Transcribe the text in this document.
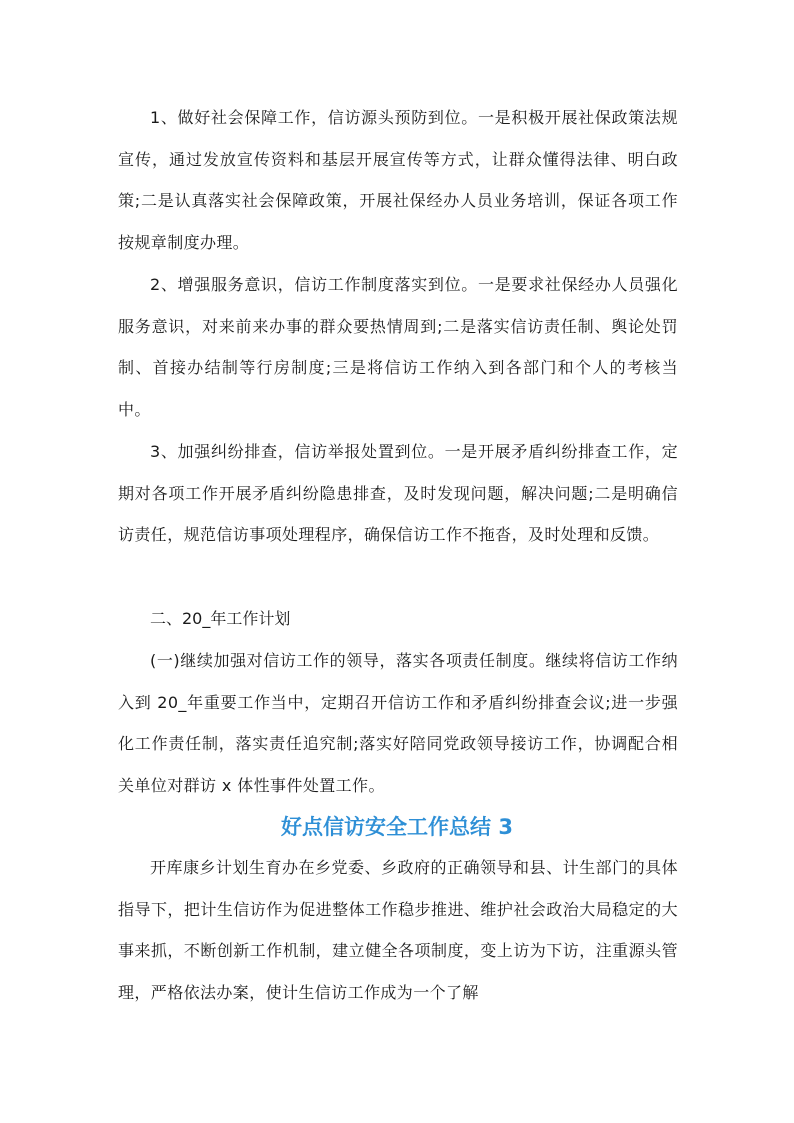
1、做好社会保障工作，信访源头预防到位。一是积极开展社保政策法规宣传，通过发放宣传资料和基层开展宣传等方式，让群众懂得法律、明白政策;二是认真落实社会保障政策，开展社保经办人员业务培训，保证各项工作按规章制度办理。

2、增强服务意识，信访工作制度落实到位。一是要求社保经办人员强化服务意识，对来前来办事的群众要热情周到;二是落实信访责任制、舆论处罚制、首接办结制等行房制度;三是将信访工作纳入到各部门和个人的考核当中。

3、加强纠纷排查，信访举报处置到位。一是开展矛盾纠纷排查工作，定期对各项工作开展矛盾纠纷隐患排查，及时发现问题，解决问题;二是明确信访责任，规范信访事项处理程序，确保信访工作不拖沓，及时处理和反馈。

二、20_年工作计划

(一)继续加强对信访工作的领导，落实各项责任制度。继续将信访工作纳入到 20_年重要工作当中，定期召开信访工作和矛盾纠纷排查会议;进一步强化工作责任制，落实责任追究制;落实好陪同党政领导接访工作，协调配合相关单位对群访 x 体性事件处置工作。

好点信访安全工作总结 3

开库康乡计划生育办在乡党委、乡政府的正确领导和县、计生部门的具体指导下，把计生信访作为促进整体工作稳步推进、维护社会政治大局稳定的大事来抓，不断创新工作机制，建立健全各项制度，变上访为下访，注重源头管理，严格依法办案，使计生信访工作成为一个了解
